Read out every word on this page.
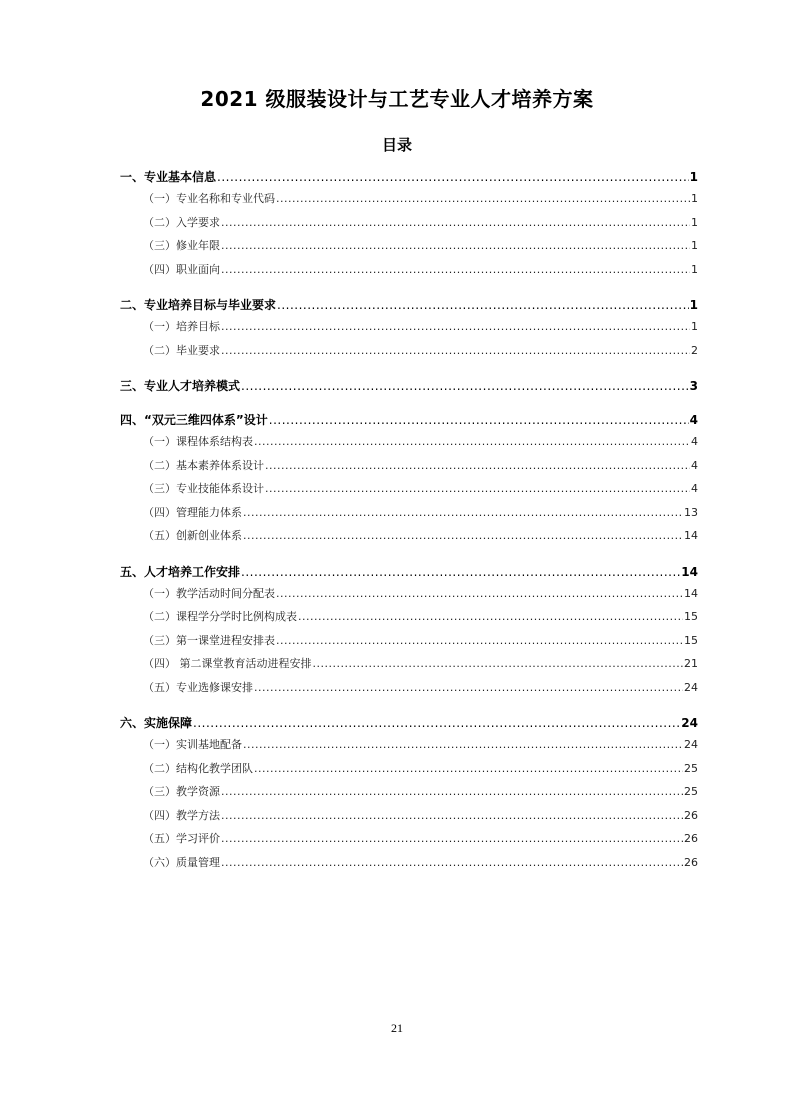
2021 级服装设计与工艺专业人才培养方案
目录
一、专业基本信息 .....	1
（一）专业名称和专业代码 .....	1
（二）入学要求 .....	1
（三）修业年限 .....	1
（四）职业面向 .....	1
二、专业培养目标与毕业要求 .....	1
（一）培养目标 .....	1
（二）毕业要求 .....	2
三、专业人才培养模式 .....	3
四、“双元三维四体系”设计 .....	4
（一）课程体系结构表 .....	4
（二）基本素养体系设计 .....	4
（三）专业技能体系设计 .....	4
（四）管理能力体系 .....	13
（五）创新创业体系 .....	14
五、人才培养工作安排 .....	14
（一）教学活动时间分配表 .....	14
（二）课程学分学时比例构成表 .....	15
（三）第一课堂进程安排表 .....	15
（四） 第二课堂教育活动进程安排 .....	21
（五）专业选修课安排 .....	24
六、实施保障 .....	24
（一）实训基地配备 .....	24
（二）结构化教学团队 .....	25
（三）教学资源 .....	25
（四）教学方法 .....	26
（五）学习评价 .....	26
（六）质量管理 .....	26
21
